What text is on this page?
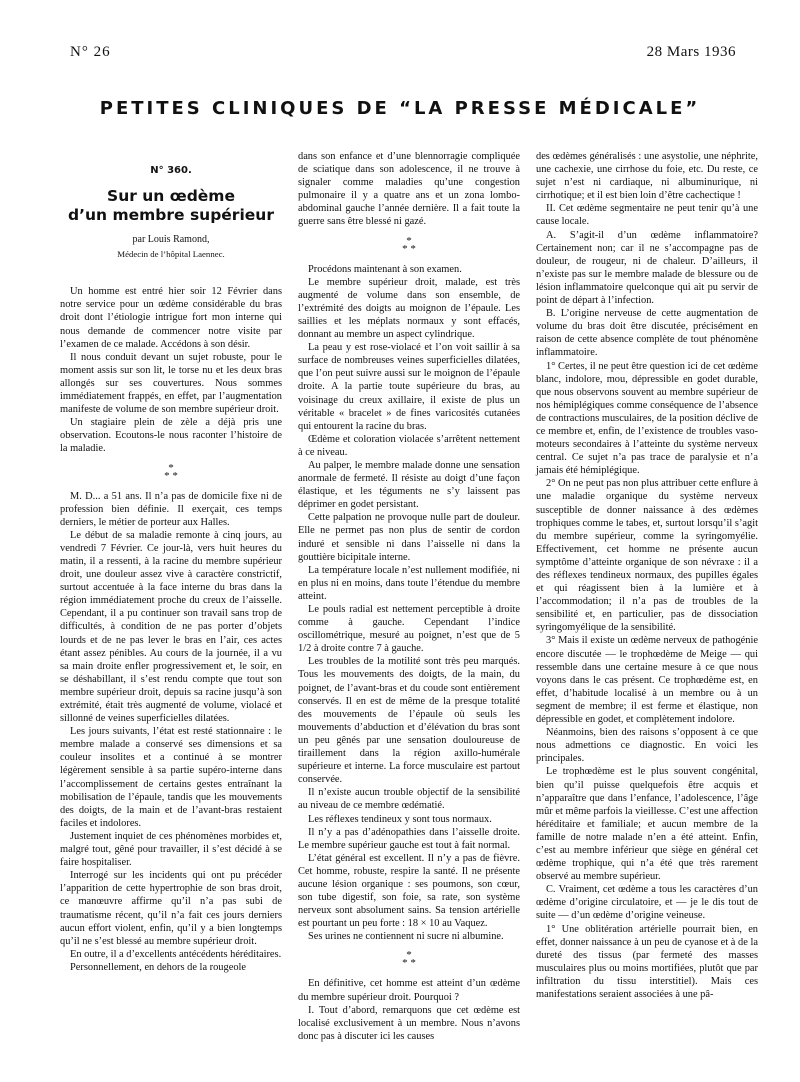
N° 26	28 Mars 1936
PETITES CLINIQUES DE “LA PRESSE MÉDICALE”
N° 360.
Sur un œdème
d’un membre supérieur
par Louis Ramond,
Médecin de l’hôpital Laennec.

Un homme est entré hier soir 12 Février dans notre service pour un œdème considérable du bras droit dont l’étiologie intrigue fort mon interne qui nous demande de commencer notre visite par l’examen de ce malade. Accédons à son désir.

Il nous conduit devant un sujet robuste, pour le moment assis sur son lit, le torse nu et les deux bras allongés sur ses couvertures. Nous sommes immédiatement frappés, en effet, par l’augmentation manifeste de volume de son membre supérieur droit.

Un stagiaire plein de zèle a déjà pris une observation. Ecoutons-le nous raconter l’histoire de la maladie.

*
* *

M. D... a 51 ans. Il n’a pas de domicile fixe ni de profession bien définie. Il exerçait, ces temps derniers, le métier de porteur aux Halles.

Le début de sa maladie remonte à cinq jours, au vendredi 7 Février. Ce jour-là, vers huit heures du matin, il a ressenti, à la racine du membre supérieur droit, une douleur assez vive à caractère constrictif, surtout accentuée à la face interne du bras dans la région immédiatement proche du creux de l’aisselle. Cependant, il a pu continuer son travail sans trop de difficultés, à condition de ne pas porter d’objets lourds et de ne pas lever le bras en l’air, ces actes étant assez pénibles. Au cours de la journée, il a vu sa main droite enfler progressivement et, le soir, en se déshabillant, il s’est rendu compte que tout son membre supérieur droit, depuis sa racine jusqu’à son extrémité, était très augmenté de volume, violacé et sillonné de veines superficielles dilatées.

Les jours suivants, l’état est resté stationnaire : le membre malade a conservé ses dimensions et sa couleur insolites et a continué à se montrer légèrement sensible à sa partie supéro-interne dans l’accomplissement de certains gestes entraînant la mobilisation de l’épaule, tandis que les mouvements des doigts, de la main et de l’avant-bras restaient faciles et indolores.

Justement inquiet de ces phénomènes morbides et, malgré tout, gêné pour travailler, il s’est décidé à se faire hospitaliser.

Interrogé sur les incidents qui ont pu précéder l’apparition de cette hypertrophie de son bras droit, ce manœuvre affirme qu’il n’a pas subi de traumatisme récent, qu’il n’a fait ces jours derniers aucun effort violent, enfin, qu’il y a bien longtemps qu’il ne s’est blessé au membre supérieur droit.

En outre, il a d’excellents antécédents héréditaires.

Personnellement, en dehors de la rougeole

dans son enfance et d’une blennorragie compliquée de sciatique dans son adolescence, il ne trouve à signaler comme maladies qu’une congestion pulmonaire il y a quatre ans et un zona lombo-abdominal gauche l’année dernière. Il a fait toute la guerre sans être blessé ni gazé.

*
* *

Procédons maintenant à son examen.

Le membre supérieur droit, malade, est très augmenté de volume dans son ensemble, de l’extrémité des doigts au moignon de l’épaule. Les saillies et les méplats normaux y sont effacés, donnant au membre un aspect cylindrique.

La peau y est rose-violacé et l’on voit saillir à sa surface de nombreuses veines superficielles dilatées, que l’on peut suivre aussi sur le moignon de l’épaule droite. A la partie toute supérieure du bras, au voisinage du creux axillaire, il existe de plus un véritable « bracelet » de fines varicosités cutanées qui entourent la racine du bras.

Œdème et coloration violacée s’arrêtent nettement à ce niveau.

Au palper, le membre malade donne une sensation anormale de fermeté. Il résiste au doigt d’une façon élastique, et les téguments ne s’y laissent pas déprimer en godet persistant.

Cette palpation ne provoque nulle part de douleur. Elle ne permet pas non plus de sentir de cordon induré et sensible ni dans l’aisselle ni dans la gouttière bicipitale interne.

La température locale n’est nullement modifiée, ni en plus ni en moins, dans toute l’étendue du membre atteint.

Le pouls radial est nettement perceptible à droite comme à gauche. Cependant l’indice oscillométrique, mesuré au poignet, n’est que de 5 1/2 à droite contre 7 à gauche.

Les troubles de la motilité sont très peu marqués. Tous les mouvements des doigts, de la main, du poignet, de l’avant-bras et du coude sont entièrement conservés. Il en est de même de la presque totalité des mouvements de l’épaule où seuls les mouvements d’abduction et d’élévation du bras sont un peu gênés par une sensation douloureuse de tiraillement dans la région axillo-humérale supérieure et interne. La force musculaire est partout conservée.

Il n’existe aucun trouble objectif de la sensibilité au niveau de ce membre œdématié.

Les réflexes tendineux y sont tous normaux.

Il n’y a pas d’adénopathies dans l’aisselle droite. Le membre supérieur gauche est tout à fait normal.

L’état général est excellent. Il n’y a pas de fièvre. Cet homme, robuste, respire la santé. Il ne présente aucune lésion organique : ses poumons, son cœur, son tube digestif, son foie, sa rate, son système nerveux sont absolument sains. Sa tension artérielle est pourtant un peu forte : 18 × 10 au Vaquez.

Ses urines ne contiennent ni sucre ni albumine.

*
* *

En définitive, cet homme est atteint d’un œdème du membre supérieur droit. Pourquoi ?

I. Tout d’abord, remarquons que cet œdème est localisé exclusivement à un membre. Nous n’avons donc pas à discuter ici les causes

des œdèmes généralisés : une asystolie, une néphrite, une cachexie, une cirrhose du foie, etc. Du reste, ce sujet n’est ni cardiaque, ni albuminurique, ni cirrhotique; et il est bien loin d’être cachectique !

II. Cet œdème segmentaire ne peut tenir qu’à une cause locale.

A. S’agit-il d’un œdème inflammatoire? Certainement non; car il ne s’accompagne pas de douleur, de rougeur, ni de chaleur. D’ailleurs, il n’existe pas sur le membre malade de blessure ou de lésion inflammatoire quelconque qui ait pu servir de point de départ à l’infection.

B. L’origine nerveuse de cette augmentation de volume du bras doit être discutée, précisément en raison de cette absence complète de tout phénomène inflammatoire.

1° Certes, il ne peut être question ici de cet œdème blanc, indolore, mou, dépressible en godet durable, que nous observons souvent au membre supérieur de nos hémiplégiques comme conséquence de l’absence de contractions musculaires, de la position déclive de ce membre et, enfin, de l’existence de troubles vaso-moteurs secondaires à l’atteinte du système nerveux central. Ce sujet n’a pas trace de paralysie et n’a jamais été hémiplégique.

2° On ne peut pas non plus attribuer cette enflure à une maladie organique du système nerveux susceptible de donner naissance à des œdèmes trophiques comme le tabes, et, surtout lorsqu’il s’agit du membre supérieur, comme la syringomyélie. Effectivement, cet homme ne présente aucun symptôme d’atteinte organique de son névraxe : il a des réflexes tendineux normaux, des pupilles égales et qui réagissent bien à la lumière et à l’accommodation; il n’a pas de troubles de la sensibilité et, en particulier, pas de dissociation syringomyélique de la sensibilité.

3° Mais il existe un œdème nerveux de pathogénie encore discutée — le trophœdème de Meige — qui ressemble dans une certaine mesure à ce que nous voyons dans le cas présent. Ce trophœdème est, en effet, d’habitude localisé à un membre ou à un segment de membre; il est ferme et élastique, non dépressible en godet, et complètement indolore.

Néanmoins, bien des raisons s’opposent à ce que nous admettions ce diagnostic. En voici les principales.

Le trophœdème est le plus souvent congénital, bien qu’il puisse quelquefois être acquis et n’apparaître que dans l’enfance, l’adolescence, l’âge mûr et même parfois la vieillesse. C’est une affection héréditaire et familiale; et aucun membre de la famille de notre malade n’en a été atteint. Enfin, c’est au membre inférieur que siège en général cet œdème trophique, qui n’a été que très rarement observé au membre supérieur.

C. Vraiment, cet œdème a tous les caractères d’un œdème d’origine circulatoire, et — je le dis tout de suite — d’un œdème d’origine veineuse.

1° Une oblitération artérielle pourrait bien, en effet, donner naissance à un peu de cyanose et à de la dureté des tissus (par fermeté des masses musculaires plus ou moins mortifiées, plutôt que par infiltration du tissu interstitiel). Mais ces manifestations seraient associées à une pâ-
